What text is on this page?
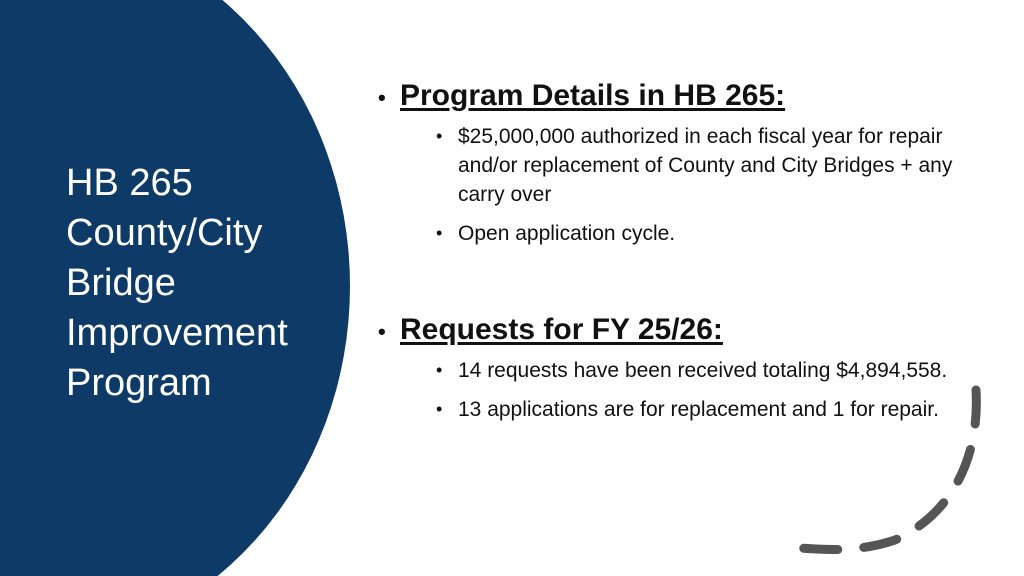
HB 265
County/City
Bridge
Improvement
Program
• Program Details in HB 265:
• $25,000,000 authorized in each fiscal year for repair and/or replacement of County and City Bridges + any carry over
• Open application cycle.
• Requests for FY 25/26:
• 14 requests have been received totaling $4,894,558.
• 13 applications are for replacement and 1 for repair.
